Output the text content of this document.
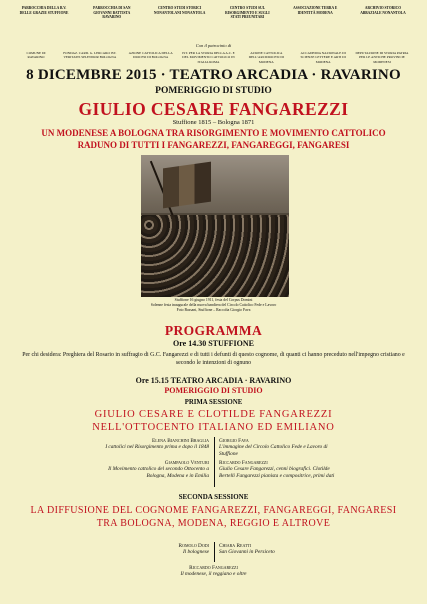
PARROCCHIA DELLA B.V. DELLE GRAZIE STUFFIONE
PARROCCHIA DI SAN GIOVANNI BATTISTA RAVARINO
CENTRO STUDI STORICI NONANTOLANI NONANTOLA
CENTRO STUDI SUL RISORGIMENTO E SUGLI STATI PREUNITARI
ASSOCIAZIONE TERRA E IDENTITÀ MODENA
ARCHIVIO STORICO ABBAZIALE NONANTOLA
Con il patrocinio di
COMUNE DI RAVARINO
FONDAZ. CARD. G. LERCARO IST. VERITATIS SPLENDOR BOLOGNA
AZIONE CATTOLICA DELLA DIOCESI DI BOLOGNA
IST. PER LA STORIA DELLA A.C. E DEL MOVIMENTO CATTOLICO IN ITALIA ROMA
AZIONE CATTOLICA DELL'ARCIDIOCESI DI MODENA
ACCADEMIA NAZIONALE DI SCIENZE LETTERE E ARTI DI MODENA
DEPUTAZIONE DI STORIA PATRIA PER LE ANTICHE PROVINCIE MODENESI
8 DICEMBRE 2015 · TEATRO ARCADIA · RAVARINO
POMERIGGIO DI STUDIO
GIULIO CESARE FANGAREZZI
Stuffione 1815 – Bologna 1871
UN MODENESE A BOLOGNA TRA RISORGIMENTO E MOVIMENTO CATTOLICO
RADUNO DI TUTTI I FANGAREZZI, FANGAREGGI, FANGARESI
Stuffione 16 giugno 1911, festa del Corpus Domini
Solenne festa inaugurale della nuova bandiera del Circolo Cattolico Fede e Lavoro
Foto Bassani, Stuffione – Raccolta Giorgio Fava
PROGRAMMA
Ore 14.30 STUFFIONE
Per chi desidera: Preghiera del Rosario in suffragio di G.C. Fangarezzi e di tutti i defunti di questo cognome, di quanti ci hanno preceduto nell'impegno cristiano e secondo le intenzioni di ognuno
Ore 15.15 TEATRO ARCADIA · RAVARINO
POMERIGGIO DI STUDIO
PRIMA SESSIONE
GIULIO CESARE E CLOTILDE FANGAREZZI
NELL'OTTOCENTO ITALIANO ED EMILIANO
Elena Bianchini Braglia
I cattolici nel Risorgimento prima e dopo il 1848
Giorgio Fava
L'immagine del Circolo Cattolico Fede e Lavoro di Stuffione
Giampaolo Venturi
Il Movimento cattolico del secondo Ottocento a Bologna, Modena e in Emilia
Riccardo Fangarezzi
Giulio Cesare Fangarezzi, cenni biografici. Clotilde Bertelli Fangarezzi pianista e compositrice, primi dati
SECONDA SESSIONE
LA DIFFUSIONE DEL COGNOME FANGAREZZI, FANGAREGGI, FANGARESI
TRA BOLOGNA, MODENA, REGGIO E ALTROVE
Romolo Dodi
Il bolognese
Chiara Reatti
San Giovanni in Persiceto
Riccardo Fangarezzi
Il modenese, il reggiano e oltre
